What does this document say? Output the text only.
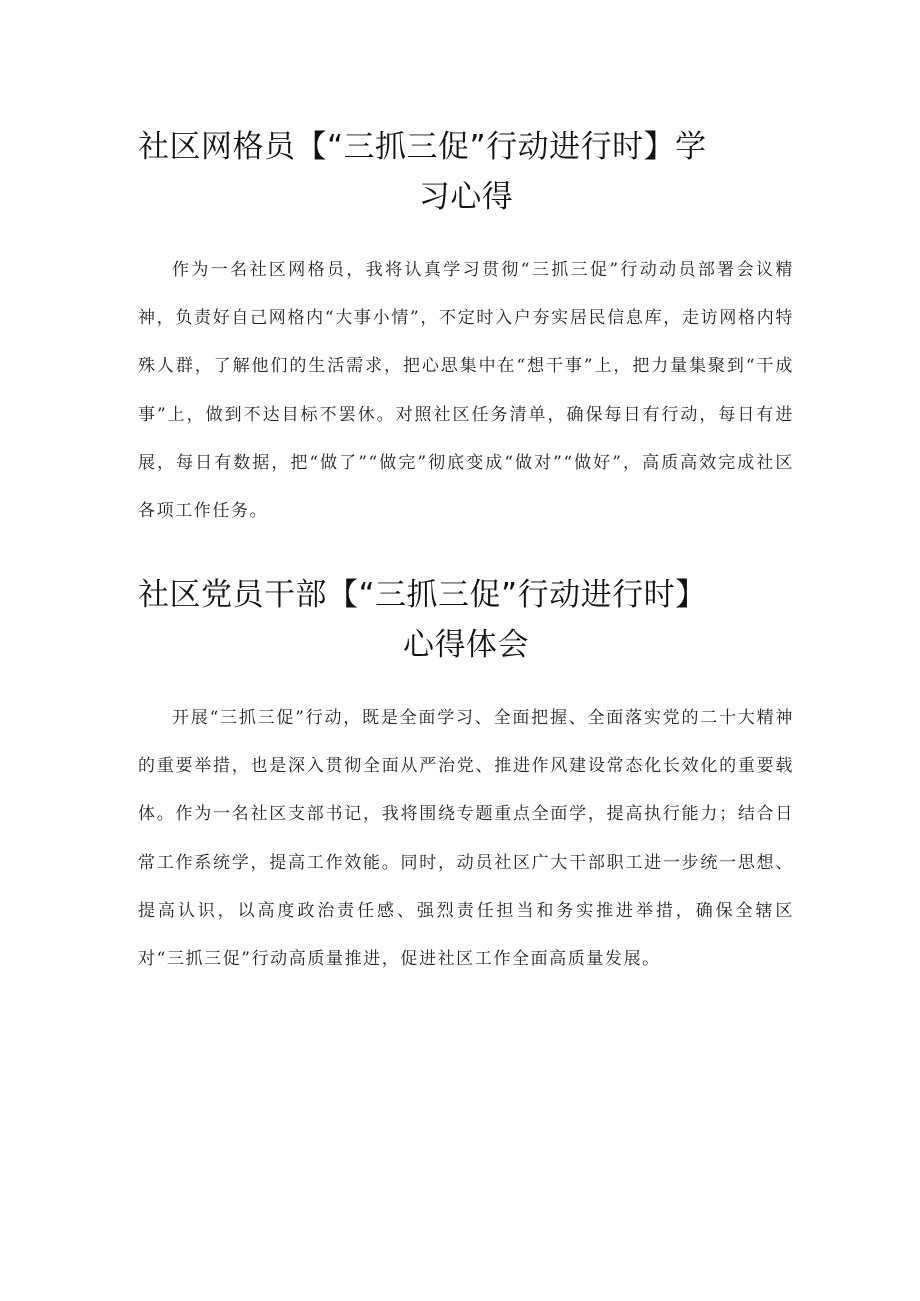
社区网格员【“三抓三促”行动进行时】学
习心得

作为一名社区网格员，我将认真学习贯彻“三抓三促”行动动员部署会议精神，负责好自己网格内“大事小情”，不定时入户夯实居民信息库，走访网格内特殊人群，了解他们的生活需求，把心思集中在“想干事”上，把力量集聚到“干成事”上，做到不达目标不罢休。对照社区任务清单，确保每日有行动，每日有进展，每日有数据，把“做了”“做完”彻底变成“做对”“做好”，高质高效完成社区各项工作任务。

社区党员干部【“三抓三促”行动进行时】
心得体会

开展“三抓三促”行动，既是全面学习、全面把握、全面落实党的二十大精神的重要举措，也是深入贯彻全面从严治党、推进作风建设常态化长效化的重要载体。作为一名社区支部书记，我将围绕专题重点全面学，提高执行能力；结合日常工作系统学，提高工作效能。同时，动员社区广大干部职工进一步统一思想、提高认识，以高度政治责任感、强烈责任担当和务实推进举措，确保全辖区对“三抓三促”行动高质量推进，促进社区工作全面高质量发展。
